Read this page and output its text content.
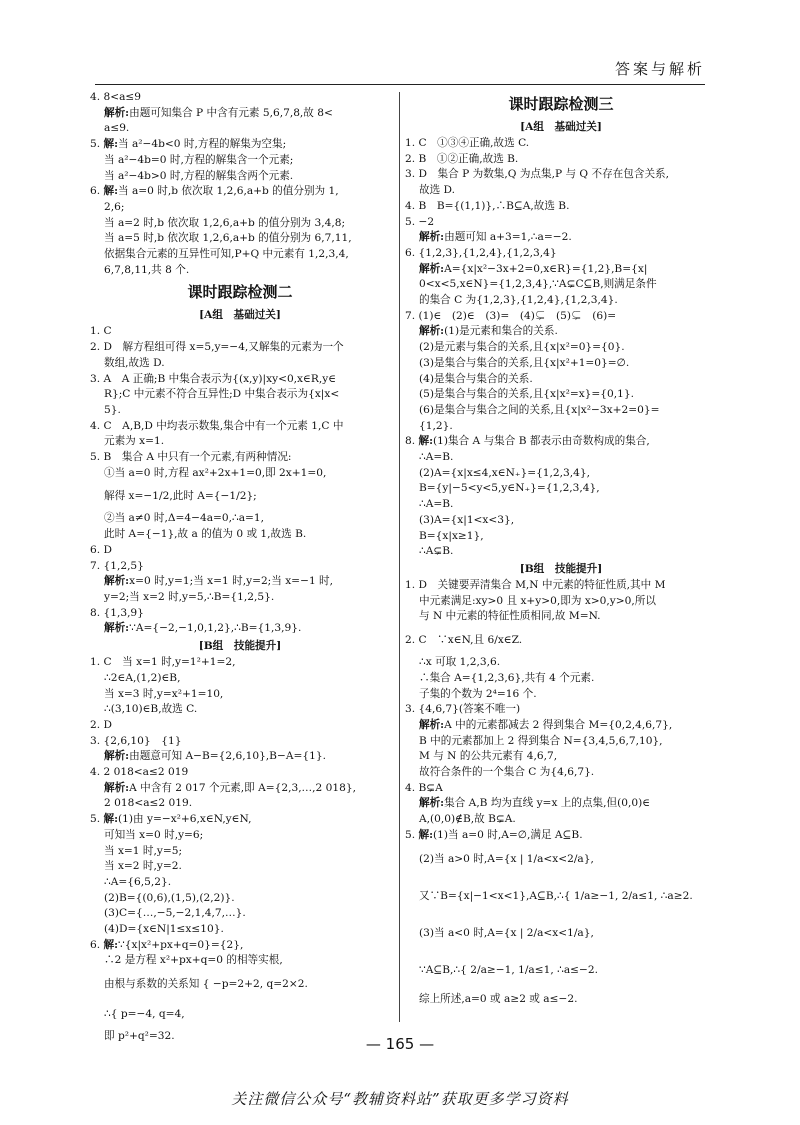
答案与解析
4. 8<a≤9
解析:由题可知集合 P 中含有元素 5,6,7,8,故 8<
a≤9.
5. 解:当 a²−4b<0 时,方程的解集为空集;
当 a²−4b=0 时,方程的解集含一个元素;
当 a²−4b>0 时,方程的解集含两个元素.
6. 解:当 a=0 时,b 依次取 1,2,6,a+b 的值分别为 1,
2,6;
当 a=2 时,b 依次取 1,2,6,a+b 的值分别为 3,4,8;
当 a=5 时,b 依次取 1,2,6,a+b 的值分别为 6,7,11,
依据集合元素的互异性可知,P+Q 中元素有 1,2,3,4,
6,7,8,11,共 8 个.
课时跟踪检测二
[A组　基础过关]
1. C
2. D　解方程组可得 x=5,y=−4,又解集的元素为一个
数组,故选 D.
3. A　A 正确;B 中集合表示为{(x,y)|xy<0,x∈R,y∈
R};C 中元素不符合互异性;D 中集合表示为{x|x<
5}.
4. C　A,B,D 中均表示数集,集合中有一个元素 1,C 中
元素为 x=1.
5. B　集合 A 中只有一个元素,有两种情况:
①当 a=0 时,方程 ax²+2x+1=0,即 2x+1=0,
解得 x=−1/2,此时 A={−1/2};
②当 a≠0 时,Δ=4−4a=0,∴a=1,
此时 A={−1},故 a 的值为 0 或 1,故选 B.
6. D
7. {1,2,5}
解析:x=0 时,y=1;当 x=1 时,y=2;当 x=−1 时,
y=2;当 x=2 时,y=5,∴B={1,2,5}.
8. {1,3,9}
解析:∵A={−2,−1,0,1,2},∴B={1,3,9}.
[B组　技能提升]
1. C　当 x=1 时,y=1²+1=2,
∴2∈A,(1,2)∈B,
当 x=3 时,y=x²+1=10,
∴(3,10)∈B,故选 C.
2. D
3. {2,6,10}　{1}
解析:由题意可知 A−B={2,6,10},B−A={1}.
4. 2 018<a≤2 019
解析:A 中含有 2 017 个元素,即 A={2,3,…,2 018},
2 018<a≤2 019.
5. 解:(1)由 y=−x²+6,x∈N,y∈N,
可知当 x=0 时,y=6;
当 x=1 时,y=5;
当 x=2 时,y=2.
∴A={6,5,2}.
(2)B={(0,6),(1,5),(2,2)}.
(3)C={…,−5,−2,1,4,7,…}.
(4)D={x∈N|1≤x≤10}.
6. 解:∵{x|x²+px+q=0}={2},
∴2 是方程 x²+px+q=0 的相等实根,
由根与系数的关系知 { −p=2+2, q=2×2.
∴{ p=−4, q=4,
即 p²+q²=32.
课时跟踪检测三
[A组　基础过关]
1. C　①③④正确,故选 C.
2. B　①②正确,故选 B.
3. D　集合 P 为数集,Q 为点集,P 与 Q 不存在包含关系,
故选 D.
4. B　B={(1,1)},∴B⊆A,故选 B.
5. −2
解析:由题可知 a+3=1,∴a=−2.
6. {1,2,3},{1,2,4},{1,2,3,4}
解析:A={x|x²−3x+2=0,x∈R}={1,2},B={x|
0<x<5,x∈N}={1,2,3,4},∵A⊊C⊆B,则满足条件
的集合 C 为{1,2,3},{1,2,4},{1,2,3,4}.
7. (1)∈　(2)∈　(3)=　(4)⊊　(5)⊊　(6)=
解析:(1)是元素和集合的关系.
(2)是元素与集合的关系,且{x|x²=0}={0}.
(3)是集合与集合的关系,且{x|x²+1=0}=∅.
(4)是集合与集合的关系.
(5)是集合与集合的关系,且{x|x²=x}={0,1}.
(6)是集合与集合之间的关系,且{x|x²−3x+2=0}=
{1,2}.
8. 解:(1)集合 A 与集合 B 都表示由奇数构成的集合,
∴A=B.
(2)A={x|x≤4,x∈N₊}={1,2,3,4},
B={y|−5<y<5,y∈N₊}={1,2,3,4},
∴A=B.
(3)A={x|1<x<3},
B={x|x≥1},
∴A⊊B.
[B组　技能提升]
1. D　关键要弄清集合 M,N 中元素的特征性质,其中 M
中元素满足:xy>0 且 x+y>0,即为 x>0,y>0,所以
与 N 中元素的特征性质相同,故 M=N.
2. C　∵x∈N,且 6/x∈Z.
∴x 可取 1,2,3,6.
∴集合 A={1,2,3,6},共有 4 个元素.
子集的个数为 2⁴=16 个.
3. {4,6,7}(答案不唯一)
解析:A 中的元素都减去 2 得到集合 M={0,2,4,6,7},
B 中的元素都加上 2 得到集合 N={3,4,5,6,7,10},
M 与 N 的公共元素有 4,6,7,
故符合条件的一个集合 C 为{4,6,7}.
4. B⊊A
解析:集合 A,B 均为直线 y=x 上的点集,但(0,0)∈
A,(0,0)∉B,故 B⊊A.
5. 解:(1)当 a=0 时,A=∅,满足 A⊆B.
(2)当 a>0 时,A={x | 1/a<x<2/a},
又∵B={x|−1<x<1},A⊆B,∴{ 1/a≥−1, 2/a≤1, ∴a≥2.
(3)当 a<0 时,A={x | 2/a<x<1/a},
∵A⊆B,∴{ 2/a≥−1, 1/a≤1, ∴a≤−2.
综上所述,a=0 或 a≥2 或 a≤−2.
— 165 —
关注微信公众号“教辅资料站”获取更多学习资料
